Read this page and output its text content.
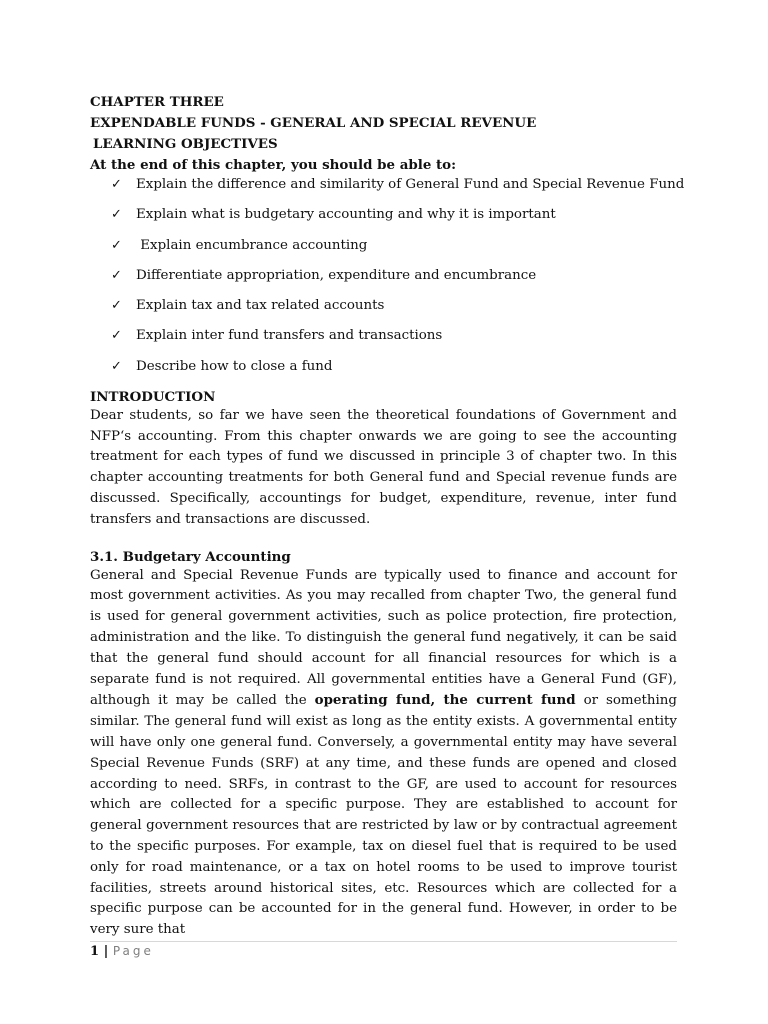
CHAPTER THREE
EXPENDABLE FUNDS - GENERAL AND SPECIAL REVENUE
LEARNING OBJECTIVES
At the end of this chapter, you should be able to:
✓ Explain the difference and similarity of General Fund and Special Revenue Fund
✓ Explain what is budgetary accounting and why it is important
✓ Explain encumbrance accounting
✓ Differentiate appropriation, expenditure and encumbrance
✓ Explain tax and tax related accounts
✓ Explain inter fund transfers and transactions
✓ Describe how to close a fund
INTRODUCTION

Dear students, so far we have seen the theoretical foundations of Government and NFP‘s accounting. From this chapter onwards we are going to see the accounting treatment for each types of fund we discussed in principle 3 of chapter two. In this chapter accounting treatments for both General fund and Special revenue funds are discussed. Specifically, accountings for budget, expenditure, revenue, inter fund transfers and transactions are discussed.

3.1. Budgetary Accounting

General and Special Revenue Funds are typically used to finance and account for most government activities. As you may recalled from chapter Two, the general fund is used for general government activities, such as police protection, fire protection, administration and the like. To distinguish the general fund negatively, it can be said that the general fund should account for all financial resources for which is a separate fund is not required. All governmental entities have a General Fund (GF), although it may be called the operating fund, the current fund or something similar. The general fund will exist as long as the entity exists. A governmental entity will have only one general fund. Conversely, a governmental entity may have several Special Revenue Funds (SRF) at any time, and these funds are opened and closed according to need. SRFs, in contrast to the GF, are used to account for resources which are collected for a specific purpose. They are established to account for general government resources that are restricted by law or by contractual agreement to the specific purposes. For example, tax on diesel fuel that is required to be used only for road maintenance, or a tax on hotel rooms to be used to improve tourist facilities, streets around historical sites, etc. Resources which are collected for a specific purpose can be accounted for in the general fund. However, in order to be very sure that

1 | Page
